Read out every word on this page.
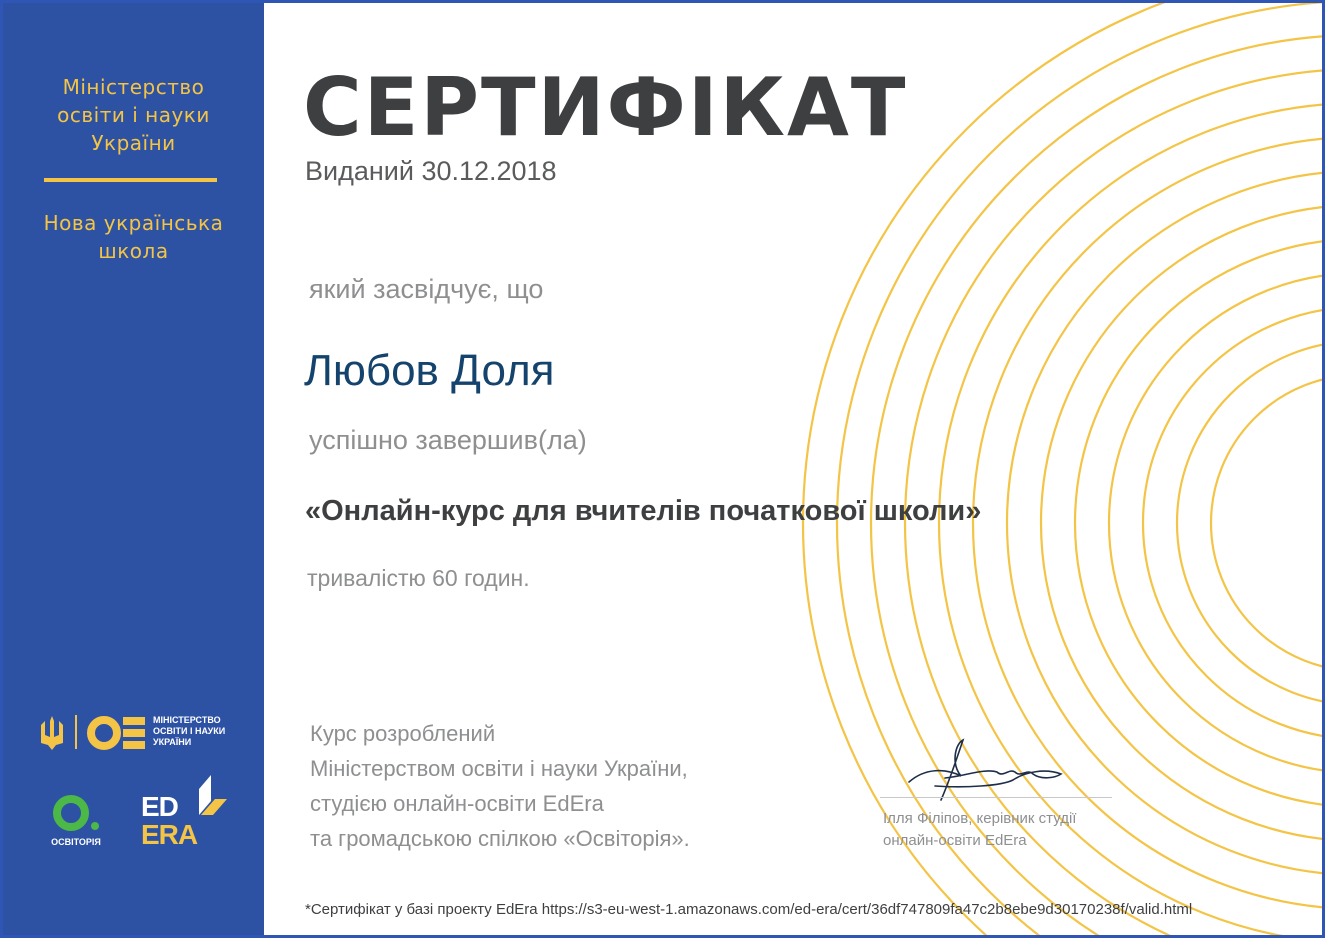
Міністерство
освіти і науки
України
Нова українська
школа
МІНІСТЕРСТВО
ОСВІТИ І НАУКИ
УКРАЇНИ
ОСВІТОРІЯ
ED
ERA
СЕРТИФІКАТ
Виданий 30.12.2018
який засвідчує, що
Любов Доля
успішно завершив(ла)
«Онлайн-курс для вчителів початкової школи»
тривалістю 60 годин.
Курс розроблений
Міністерством освіти і науки України,
студією онлайн-освіти EdEra
та громадською спілкою «Освіторія».
Ілля Філіпов, керівник студії
онлайн-освіти EdEra
*Сертифікат у базі проекту EdEra https://s3-eu-west-1.amazonaws.com/ed-era/cert/36df747809fa47c2b8ebe9d30170238f/valid.html
